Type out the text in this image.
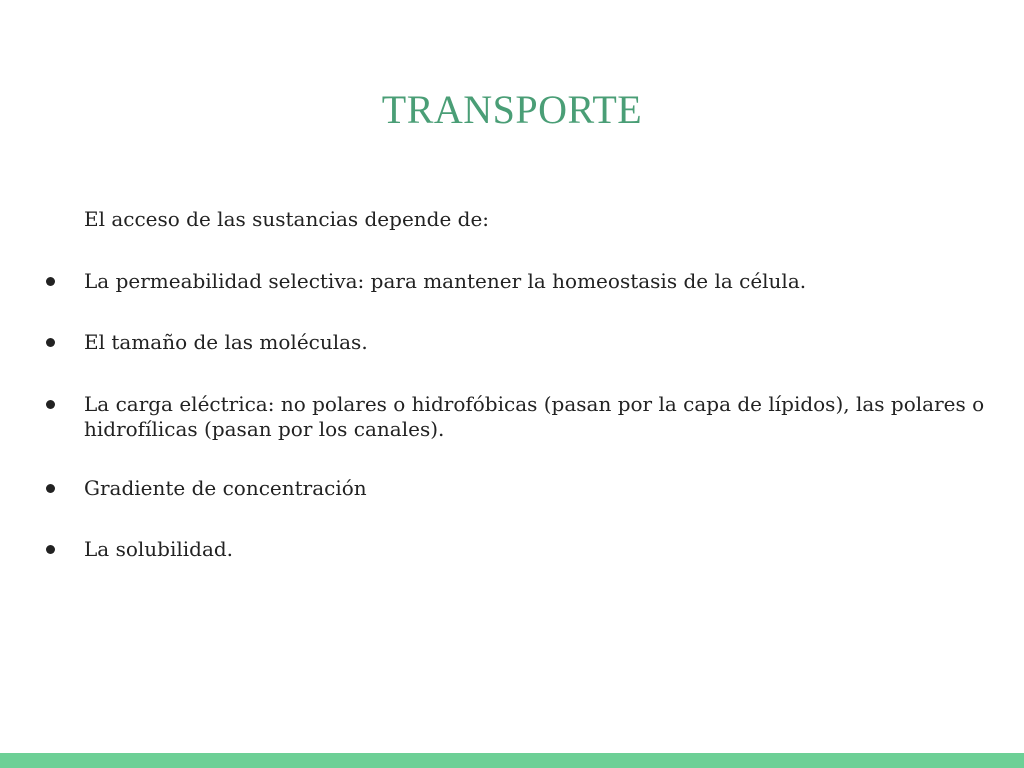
TRANSPORTE

El acceso de las sustancias depende de:

La permeabilidad selectiva: para mantener la homeostasis de la célula.
El tamaño de las moléculas.
La carga eléctrica: no polares o hidrofóbicas (pasan por la capa de lípidos), las polares o hidrofílicas (pasan por los canales).
Gradiente de concentración
La solubilidad.
